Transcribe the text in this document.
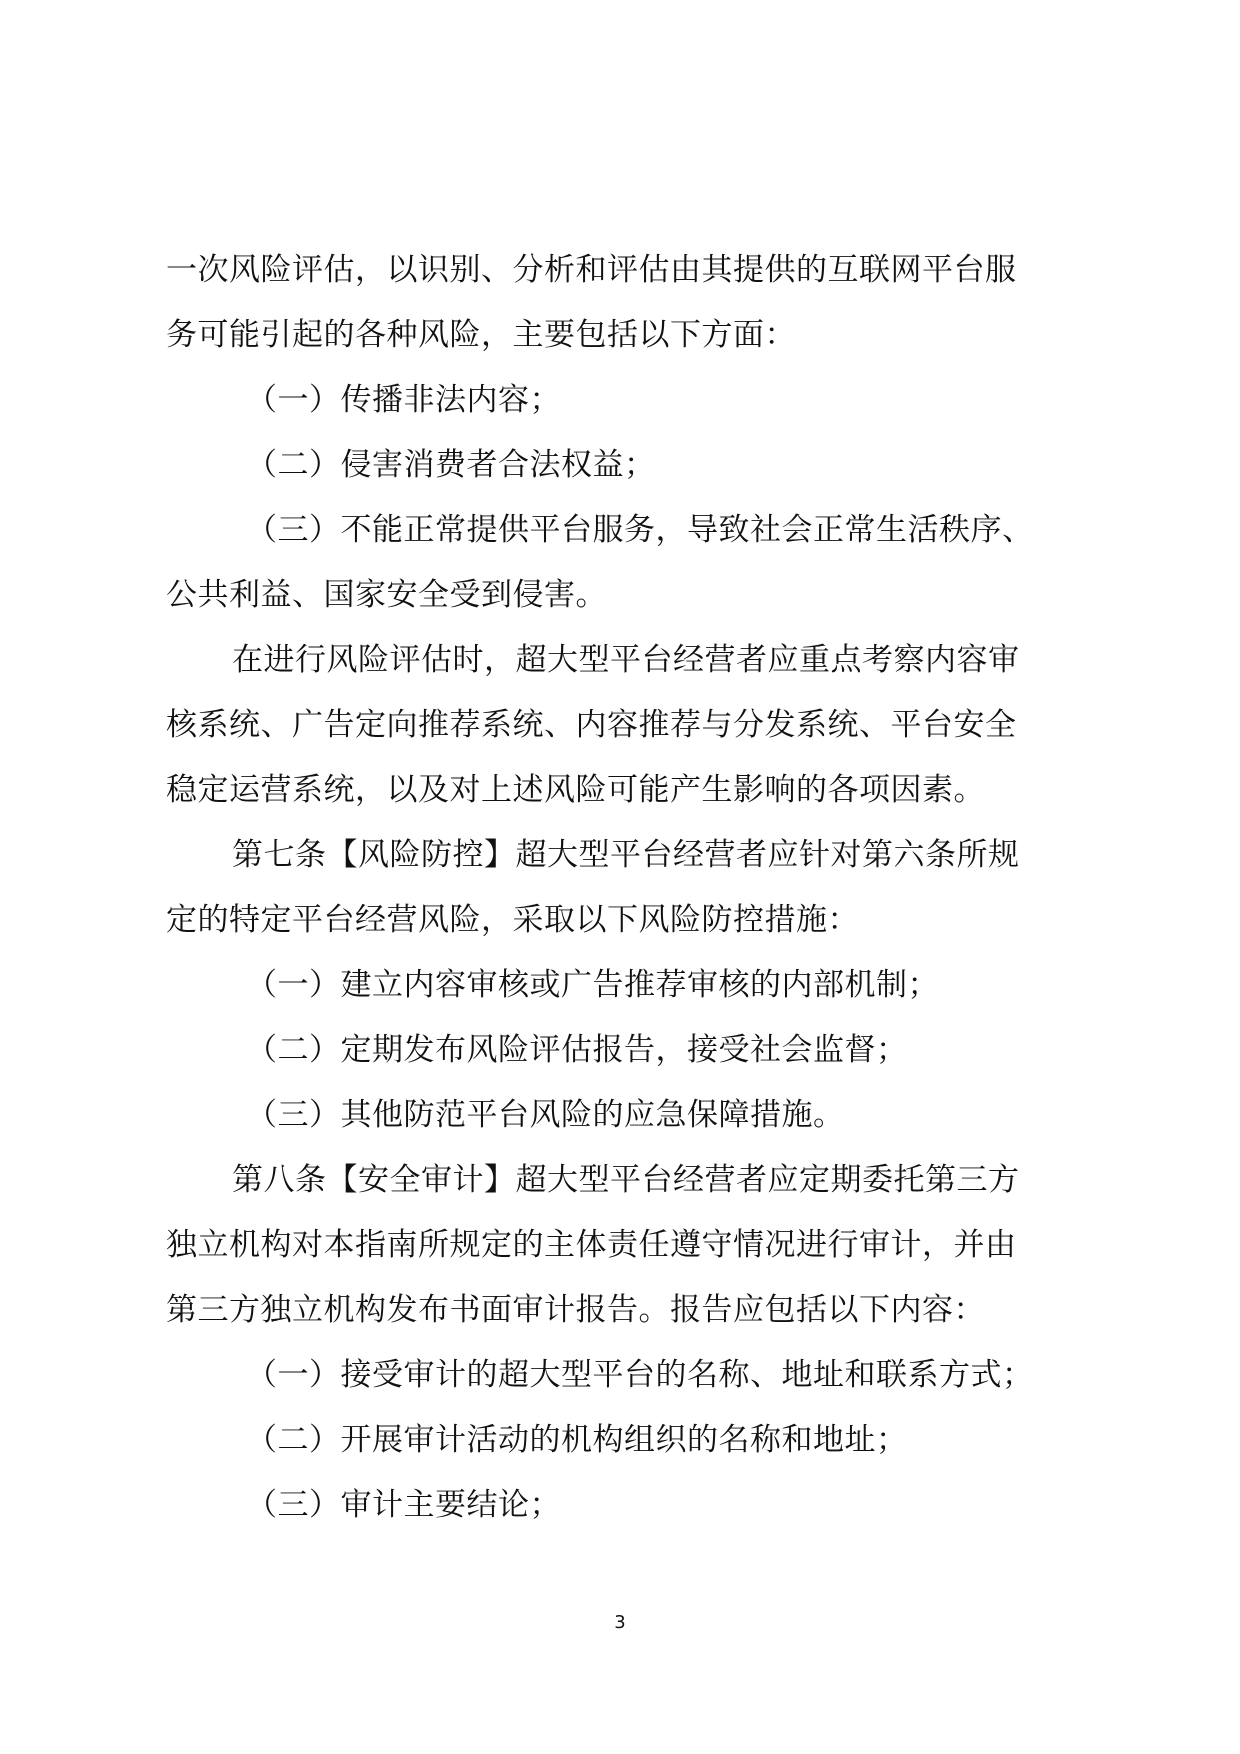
一次风险评估，以识别、分析和评估由其提供的互联网平台服
务可能引起的各种风险，主要包括以下方面：
（一）传播非法内容；
（二）侵害消费者合法权益；
（三）不能正常提供平台服务，导致社会正常生活秩序、
公共利益、国家安全受到侵害。
在进行风险评估时，超大型平台经营者应重点考察内容审
核系统、广告定向推荐系统、内容推荐与分发系统、平台安全
稳定运营系统，以及对上述风险可能产生影响的各项因素。
第七条【风险防控】超大型平台经营者应针对第六条所规
定的特定平台经营风险，采取以下风险防控措施：
（一）建立内容审核或广告推荐审核的内部机制；
（二）定期发布风险评估报告，接受社会监督；
（三）其他防范平台风险的应急保障措施。
第八条【安全审计】超大型平台经营者应定期委托第三方
独立机构对本指南所规定的主体责任遵守情况进行审计，并由
第三方独立机构发布书面审计报告。报告应包括以下内容：
（一）接受审计的超大型平台的名称、地址和联系方式；
（二）开展审计活动的机构组织的名称和地址；
（三）审计主要结论；
3
